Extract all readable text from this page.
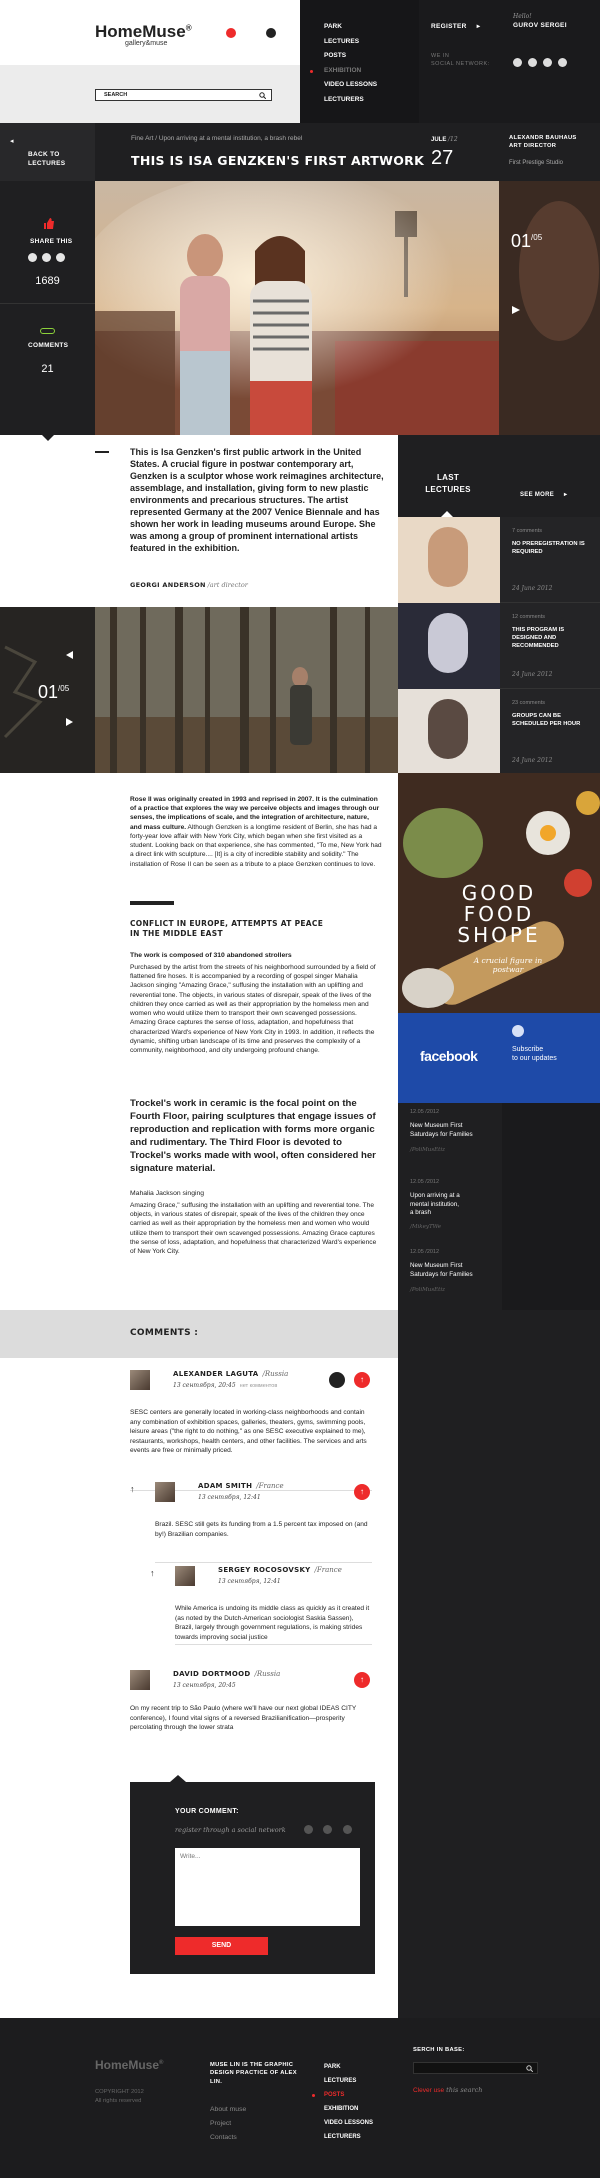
HomeMuse®
gallery&muse
SEARCH
PARK
LECTURES
POSTS
EXHIBITION
VIDEO LESSONS
LECTURERS
REGISTER ▸
Hello!
GUROV SERGEI
WE IN
SOCIAL NETWORK:
◂
BACK TO
LECTURES
SHARE THIS
1689
COMMENTS
21
Fine Art / Upon arriving at a mental institution, a brash rebel
THIS IS ISA GENZKEN'S FIRST ARTWORK
JULE /12
27
ALEXANDR BAUHAUS
ART DIRECTOR
First Prestige Studio
$01^{/05}$

This is Isa Genzken's first public artwork in the United States. A crucial figure in postwar contemporary art, Genzken is a sculptor whose work reimagines architecture, assemblage, and installation, giving form to new plastic environments and precarious structures. The artist represented Germany at the 2007 Venice Biennale and has shown her work in leading museums around Europe. She was among a group of prominent international artists featured in the exhibition.

GEORGI ANDERSON /art director
$01^{/05}$

Rose II was originally created in 1993 and reprised in 2007. It is the culmination of a practice that explores the way we perceive objects and images through our senses, the implications of scale, and the integration of architecture, nature, and mass culture. Although Genzken is a longtime resident of Berlin, she has had a forty-year love affair with New York City, which began when she first visited as a student. Looking back on that experience, she has commented, "To me, New York had a direct link with sculpture.... [It] is a city of incredible stability and solidity." The installation of Rose II can be seen as a tribute to a place Genzken continues to love.

CONFLICT IN EUROPE, ATTEMPTS AT PEACE IN THE MIDDLE EAST
The work is composed of 310 abandoned strollers

Purchased by the artist from the streets of his neighborhood surrounded by a field of flattened fire hoses. It is accompanied by a recording of gospel singer Mahalia Jackson singing "Amazing Grace," suffusing the installation with an uplifting and reverential tone. The objects, in various states of disrepair, speak of the lives of the children they once carried as well as their appropriation by the homeless men and women who would utilize them to transport their own scavenged possessions. Amazing Grace captures the sense of loss, adaptation, and hopefulness that characterized Ward's experience of New York City in 1993. In addition, it reflects the dynamic, shifting urban landscape of its time and preserves the complexity of a community, neighborhood, and city undergoing profound change.

Trockel's work in ceramic is the focal point on the Fourth Floor, pairing sculptures that engage issues of reproduction and replication with forms more organic and rudimentary. The Third Floor is devoted to Trockel's works made with wool, often considered her signature material.

Mahalia Jackson singing

Amazing Grace," suffusing the installation with an uplifting and reverential tone. The objects, in various states of disrepair, speak of the lives of the children they once carried as well as their appropriation by the homeless men and women who would utilize them to transport their own scavenged possessions. Amazing Grace captures the sense of loss, adaptation, and hopefulness that characterized Ward's experience of New York City.

LAST
LECTURES
SEE MORE ▸
7 comments
NO PREREGISTRATION IS REQUIRED
24 June 2012
12 comments
THIS PROGRAM IS DESIGNED AND RECOMMENDED
24 June 2012
23 comments
GROUPS CAN BE SCHEDULED PER HOUR
24 June 2012
GOOD
FOOD
SHOPE
A crucial figure in postwar
facebook	Subscribe
to our updates
12.05 /2012
New Museum First
Saturdays for Families
/PoliMusEtiz
12.05 /2012
Upon arriving at a
mental institution,
a brash
/MikeyTWe
12.05 /2012
New Museum First
Saturdays for Families
/PoliMusEtiz
COMMENTS :
ALEXANDER LAGUTA /Russia
13 сентября, 20:45 нет комментов
↑

SESC centers are generally located in working-class neighborhoods and contain any combination of exhibition spaces, galleries, theaters, gyms, swimming pools, leisure areas ("the right to do nothing," as one SESC executive explained to me), restaurants, workshops, health centers, and other facilities. The services and arts events are free or minimally priced.

↑	ADAM SMITH /France
13 сентября, 12:41
↑

Brazil. SESC still gets its funding from a 1.5 percent tax imposed on (and by!) Brazilian companies.

↑	SERGEY ROCOSOVSKY /France
13 сентября, 12:41

While America is undoing its middle class as quickly as it created it (as noted by the Dutch-American sociologist Saskia Sassen), Brazil, largely through government regulations, is making strides towards improving social justice

DAVID DORTMOOD /Russia
13 сентября, 20:45
↑

On my recent trip to São Paulo (where we'll have our next global IDEAS CITY conference), I found vital signs of a reversed Brazilianification—prosperity percolating through the lower strata

YOUR COMMENT:
register through a social network
Write...
SEND
HomeMuse®
COPYRIGHT 2012
All rights reserved
MUSE LIN IS THE GRAPHIC DESIGN PRACTICE OF ALEX LIN.
About muse
Project
Contacts
PARK
LECTURES
POSTS
EXHIBITION
VIDEO LESSONS
LECTURERS
SERCH IN BASE:
Clever use this search
